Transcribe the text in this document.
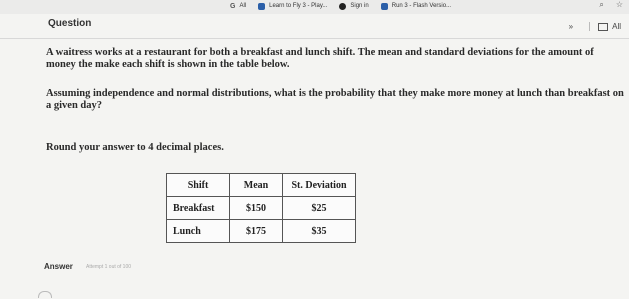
G All	Learn to Fly 3 - Play...	Sign in	Run 3 - Flash Versio...	⌕ ☆
Question	»	All
A waitress works at a restaurant for both a breakfast and lunch shift. The mean and standard deviations for the amount of money the make each shift is shown in the table below.
Assuming independence and normal distributions, what is the probability that they make more money at lunch than breakfast on a given day?
Round your answer to 4 decimal places.
Shift	Mean	St. Deviation
Breakfast	$150	$25
Lunch	$175	$35
Answer	Attempt 1 out of 100
